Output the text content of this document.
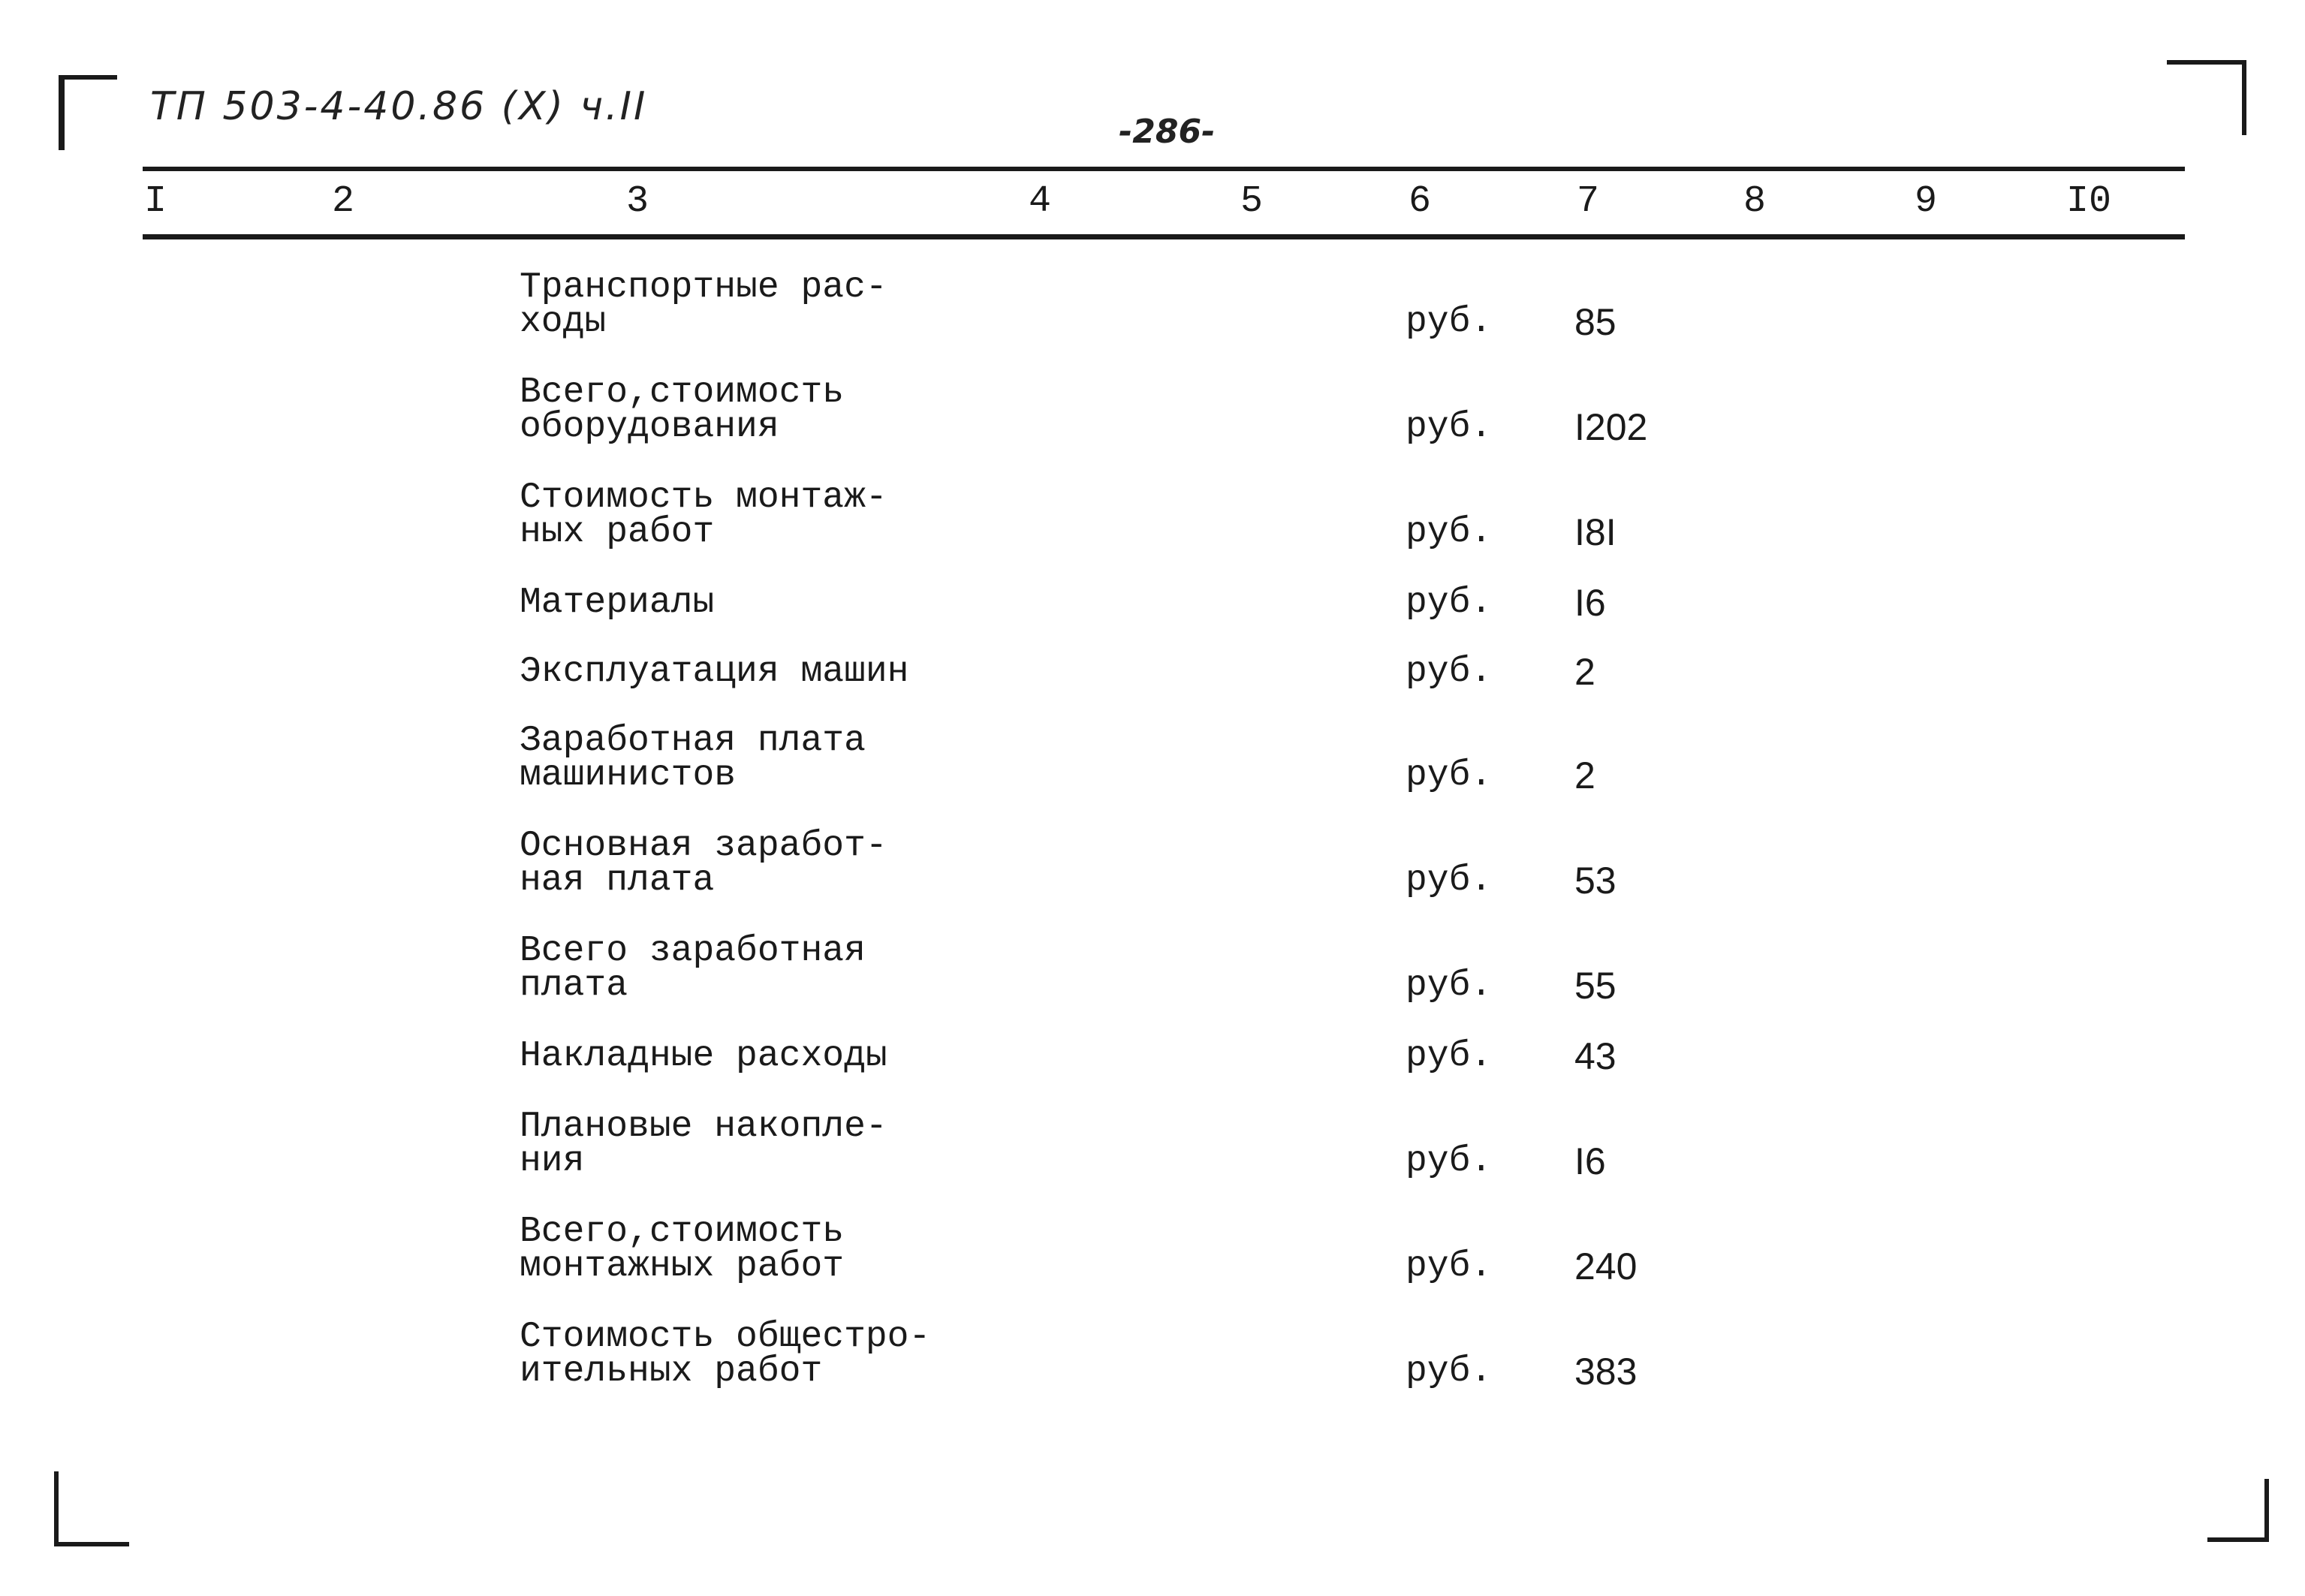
ТП 503-4-40.86 (X) ч.II
-286-
I	2	3	4	5	6	7	8	9	I0
Транспортные рас-
ходы	руб. 85
Всего,стоимость
оборудования	руб. I202
Стоимость монтаж-
ных работ	руб. I8I
Материалы	руб. I6
Эксплуатация машин	руб. 2
Заработная плата
машинистов	руб. 2
Основная заработ-
ная плата	руб. 53
Всего заработная
плата	руб. 55
Накладные расходы	руб. 43
Плановые накопле-
ния	руб. I6
Всего,стоимость
монтажных работ	руб. 240
Стоимость общестро-
ительных работ	руб. 383
